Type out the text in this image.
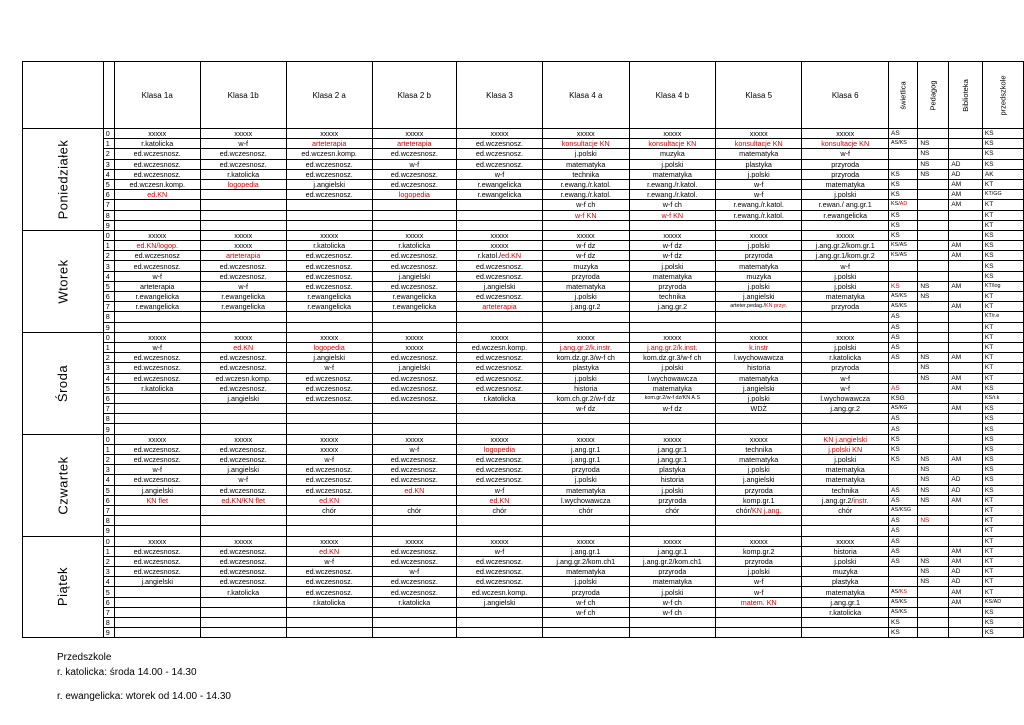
		Klasa 1a	Klasa 1b	Klasa 2 a	Klasa 2 b	Klasa 3	Klasa 4 a	Klasa 4 b	Klasa 5	Klasa 6	świetlica	Pedagog	Biblioteka	przedszkole
Poniedziałek	0	xxxxx	xxxxx	xxxxx	xxxxx	xxxxx	xxxxx	xxxxx	xxxxx	xxxxx	AS			KS
	1	r.katolicka	w-f	arteterapia	arteterapia	ed.wczesnosz.	konsultacje KN	konsultacje KN	konsultacje KN	konsultacje KN	AS/KS	NS		KS
	2	ed.wczesnosz.	ed.wczesnosz.	ed.wczesn.komp.	ed.wczesnosz.	ed.wczesnosz.	j.polski	muzyka	matematyka	w-f		NS		KS
	3	ed.wczesnosz.	ed.wczesnosz.	ed.wczesnosz.	w-f	ed.wczesnosz.	matematyka	j.polski	plastyka	przyroda		NS	AD	KS
	4	ed.wczesnosz.	r.katolicka	ed.wczesnosz.	ed.wczesnosz.	w-f	technika	matematyka	j.polski	przyroda	KS	NS	AD	AK
	5	ed.wczesn.komp.	logopedia	j.angielski	ed.wczesnosz.	r.ewangelicka	r.ewang./r.katol.	r.ewang./r.katol.	w-f	matematyka	KS		AM	KT
	6	ed.KN		ed.wczesnosz.	logopedia	r.ewangelicka	r.ewang./r.katol.	r.ewang./r.katol.	w-f	j.polski	KS		AM	KT/GG
	7						w-f ch	w-f ch	r.ewang./r.katol.	r.ewan./ ang.gr.1	KS/AD		AM	KT
	8						w-f KN	w-f KN	r.ewang./r.katol.	r.ewangelicka	KS			KT
	9										KS			KT
Wtorek	0	xxxxx	xxxxx	xxxxx	xxxxx	xxxxx	xxxxx	xxxxx	xxxxx	xxxxx	KS			KS
	1	ed.KN/logop.	xxxxx	r.katolicka	r.katolicka	xxxxx	w-f dz	w-f dz	j.polski	j.ang.gr.2/kom.gr.1	KS/AS		AM	KS
	2	ed.wczesnosz	arteterapia	ed.wczesnosz.	ed.wczesnosz.	r.katol./ed.KN	w-f dz	w-f dz	przyroda	j.ang.gr.1/kom.gr.2	KS/AS		AM	KS
	3	ed.wczesnosz.	ed.wczesnosz.	ed.wczesnosz.	ed.wczesnosz.	ed.wczesnosz.	muzyka	j.polski	matematyka	w-f				KS
	4	w-f	ed.wczesnosz.	ed.wczesnosz.	j.angielski	ed.wczesnosz.	przyroda	matematyka	muzyka	j.polski				KS
	5	arteterapia	w-f	ed.wczesnosz.	ed.wczesnosz.	j.angielski	matematyka	przyroda	j.polski	j.polski	KS	NS	AM	KT/log
	6	r.ewangelicka	r.ewangelicka	r.ewangelicka	r.ewangelicka	ed.wczesnosz.	j.polski	technika	j.angielski	matematyka	AS/KS	NS		KT
	7	r.ewangelicka	r.ewangelicka	r.ewangelicka	r.ewangelicka	arteterapia	j.ang.gr.2	j.ang.gr.2	arteter.pedag./KN przyr.	przyroda	AS/KS		AM	KT
	8										AS			KT/r.e
	9										AS			KT
Środa	0	xxxxx	xxxxx	xxxxx	xxxxx	xxxxx	xxxxx	xxxxx	xxxxx	xxxxx	AS			KT
	1	w-f	ed.KN	logopedia	xxxxx	ed.wczesn.komp.	j.ang.gr.2/k.instr.	j.ang.gr.2/k.inst.	k.instr	j.polski	AS			KT
	2	ed.wczesnosz.	ed.wczesnosz.	j.angielski	ed.wczesnosz.	ed.wczesnosz.	kom.dz.gr.3/w-f ch	kom.dz.gr.3/w-f ch	l.wychowawcza	r.katolicka	AS	NS	AM	KT
	3	ed.wczesnosz.	ed.wczesnosz.	w-f	j.angielski	ed.wczesnosz.	plastyka	j.polski	historia	przyroda		NS		KT
	4	ed.wczesnosz.	ed.wczesn.komp.	ed.wczesnosz.	ed.wczesnosz.	ed.wczesnosz.	j.polski	l.wychowawcza	matematyka	w-f		NS	AM	KT
	5	r.katolicka	ed.wczesnosz.	ed.wczesnosz.	ed.wczesnosz.	ed.wczesnosz.	historia	matematyka	j.angielski	w-f	AS		AM	KS
	6		j.angielski	ed.wczesnosz.	ed.wczesnosz.	r.katolicka	kom.ch.gr.2/w-f dz	kom.gr.2/w-f dz/KN A.S	j.polski	l.wychowawcza	KSG			KS/r.k
	7						w-f dz	w-f dz	WDŻ	j.ang.gr.2	AS/KG		AM	KS
	8										AS			KS
	9										AS			KS
Czwartek	0	xxxxx	xxxxx	xxxxx	xxxxx	xxxxx	xxxxx	xxxxx	xxxxx	KN j.angielski	KS			KS
	1	ed.wczesnosz.	ed.wczesnosz.	xxxxx	w-f	logopedia	j.ang.gr.1	j.ang.gr.1	technika	j.polski KN	KS			KS
	2	ed.wczesnosz.	ed.wczesnosz.	w-f	ed.wczesnosz.	ed.wczesnosz.	j.ang.gr.1	j.ang.gr.1	matematyka	j.polski	KS	NS	AM	KS
	3	w-f	j.angielski	ed.wczesnosz.	ed.wczesnosz.	ed.wczesnosz.	przyroda	plastyka	j.polski	matematyka		NS		KS
	4	ed.wczesnosz.	w-f	ed.wczesnosz.	ed.wczesnosz.	ed.wczesnosz.	j.polski	historia	j.angielski	matematyka		NS	AD	KS
	5	j.angielski	ed.wczesnosz.	ed.wczesnosz.	ed.KN	w-f	matematyka	j.polski	przyroda	technika	AS	NS	AD	KS
	6	KN flet	ed.KN/KN flet	ed.KN		ed.KN	l.wychowawcza	przyroda	komp.gr.1	j.ang.gr.2/instr.	AS	NS	AM	KT
	7			chór	chór	chór	chór	chór	chór/KN j.ang.	chór	AS/KSG			KT
	8										AS	NS		KT
	9										AS			KT
Piątek	0	xxxxx	xxxxx	xxxxx	xxxxx	xxxxx	xxxxx	xxxxx	xxxxx	xxxxx	AS			KT
	1	ed.wczesnosz.	ed.wczesnosz.	ed.KN	ed.wczesnosz.	w-f	j.ang.gr.1	j.ang.gr.1	komp.gr.2	historia	AS		AM	KT
	2	ed.wczesnosz.	ed.wczesnosz.	w-f	ed.wczesnosz.	ed.wczesnosz.	j.ang.gr.2/kom.ch1	j.ang.gr.2/kom.ch1	przyroda	j.polski	AS	NS	AM	KT
	3	ed.wczesnosz.	ed.wczesnosz.	ed.wczesnosz.	w-f	ed.wczesnosz.	matematyka	przyroda	j.polski	muzyka		NS	AD	KT
	4	j.angielski	ed.wczesnosz.	ed.wczesnosz.	ed.wczesnosz.	ed.wczesnosz.	j.polski	matematyka	w-f	plastyka		NS	AD	KT
	5		r.katolicka	ed.wczesnosz.	ed.wczesnosz.	ed.wczesn.komp.	przyroda	j.polski	w-f	matematyka	AS/KS		AM	KT
	6			r.katolicka	r.katolicka	j.angielski	w-f ch	w-f ch	matem. KN	j.ang.gr.1	AS/KS		AM	KS/AD
	7						w-f ch	w-f ch		r.katolicka	AS/KS			KS
	8										KS			KS
	9										KS			KS
Przedszkole
r. katolicka: środa 14.00 - 14.30
r. ewangelicka: wtorek od 14.00 - 14.30
